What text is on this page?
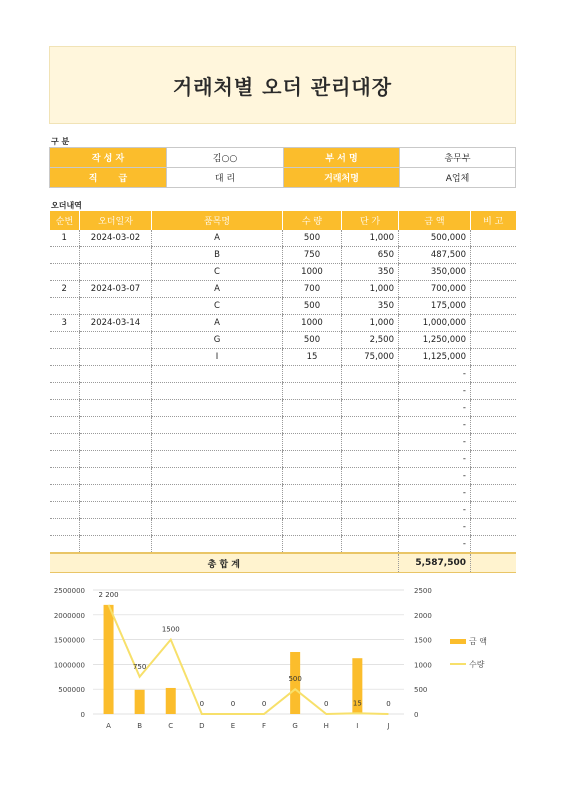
거래처별 오더 관리대장
구 분
작 성 자	김○○	부 서 명	총무부
직 급	대 리	거래처명	A업체
오더내역
순번	오더일자	품목명	수 량	단 가	금 액	비 고
1	2024-03-02	A	500	1,000	500,000	
		B	750	650	487,500	
		C	1000	350	350,000	
2	2024-03-07	A	700	1,000	700,000	
		C	500	350	175,000	
3	2024-03-14	A	1000	1,000	1,000,000	
		G	500	2,500	1,250,000	
		I	15	75,000	1,125,000	
					-	
					-	
					-	
					-	
					-	
					-	
					-	
					-	
					-	
					-	
					-	
총 합 계					5,587,500	
2 200
750
1500
0	0	0
500
0	15	0
2500000
2000000
1500000
1000000
500000
0
2500
2000
1500
1000
500
0
A	B	C	D	E	F	G	H	I	J
금 액
수량
